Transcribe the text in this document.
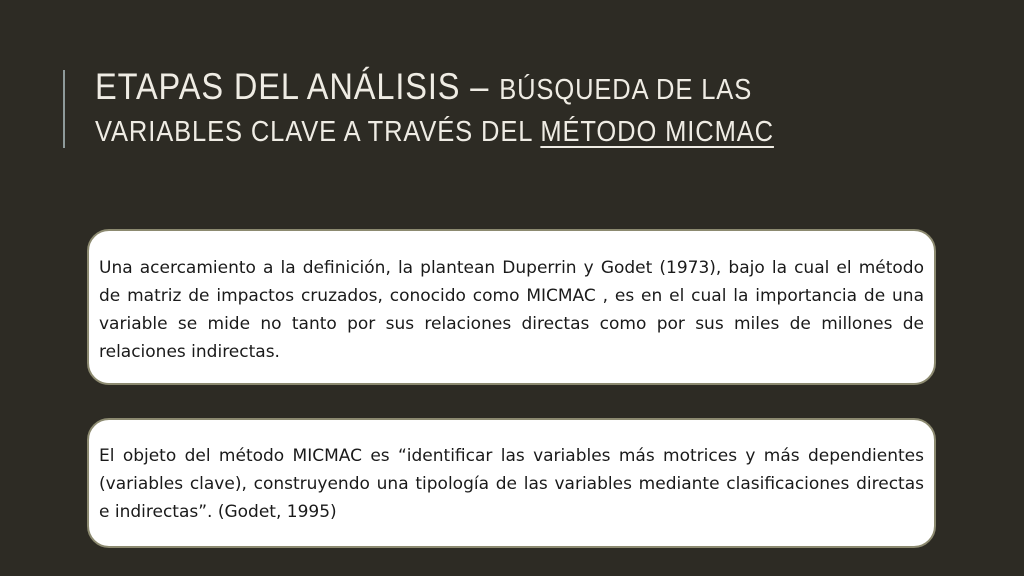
ETAPAS DEL ANÁLISIS – BÚSQUEDA DE LAS
VARIABLES CLAVE A TRAVÉS DEL MÉTODO MICMAC

Una acercamiento a la definición, la plantean Duperrin y Godet (1973), bajo la cual el método de matriz de impactos cruzados, conocido como MICMAC , es en el cual la importancia de una variable se mide no tanto por sus relaciones directas como por sus miles de millones de relaciones indirectas.

El objeto del método MICMAC es “identificar las variables más motrices y más dependientes (variables clave), construyendo una tipología de las variables mediante clasificaciones directas e indirectas”. (Godet, 1995)
